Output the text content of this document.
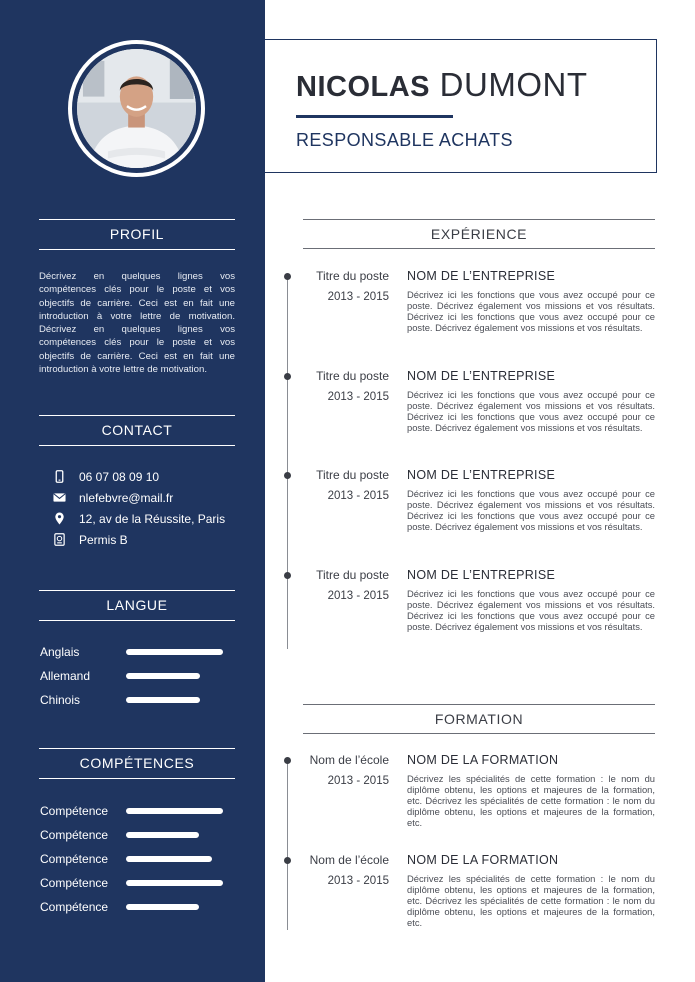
PROFIL

Décrivez en quelques lignes vos compétences clés pour le poste et vos objectifs de carrière. Ceci est en fait une introduction à votre lettre de motivation. Décrivez en quelques lignes vos compétences clés pour le poste et vos objectifs de carrière. Ceci est en fait une introduction à votre lettre de motivation.

CONTACT
06 07 08 09 10
nlefebvre@mail.fr
12, av de la Réussite, Paris
Permis B
LANGUE
Anglais
Allemand
Chinois
COMPÉTENCES
Compétence
Compétence
Compétence
Compétence
Compétence
NICOLAS DUMONT
RESPONSABLE ACHATS
EXPÉRIENCE
Titre du poste
2013 - 2015
NOM DE L’ENTREPRISE
Décrivez ici les fonctions que vous avez occupé pour ce poste. Décrivez également vos missions et vos résultats. Décrivez ici les fonctions que vous avez occupé pour ce poste. Décrivez également vos missions et vos résultats.
Titre du poste
2013 - 2015
NOM DE L’ENTREPRISE
Décrivez ici les fonctions que vous avez occupé pour ce poste. Décrivez également vos missions et vos résultats. Décrivez ici les fonctions que vous avez occupé pour ce poste. Décrivez également vos missions et vos résultats.
Titre du poste
2013 - 2015
NOM DE L’ENTREPRISE
Décrivez ici les fonctions que vous avez occupé pour ce poste. Décrivez également vos missions et vos résultats. Décrivez ici les fonctions que vous avez occupé pour ce poste. Décrivez également vos missions et vos résultats.
Titre du poste
2013 - 2015
NOM DE L’ENTREPRISE
Décrivez ici les fonctions que vous avez occupé pour ce poste. Décrivez également vos missions et vos résultats. Décrivez ici les fonctions que vous avez occupé pour ce poste. Décrivez également vos missions et vos résultats.
FORMATION
Nom de l’école
2013 - 2015
NOM DE LA FORMATION
Décrivez les spécialités de cette formation : le nom du diplôme obtenu, les options et majeures de la formation, etc. Décrivez les spécialités de cette formation : le nom du diplôme obtenu, les options et majeures de la formation, etc.
Nom de l’école
2013 - 2015
NOM DE LA FORMATION
Décrivez les spécialités de cette formation : le nom du diplôme obtenu, les options et majeures de la formation, etc. Décrivez les spécialités de cette formation : le nom du diplôme obtenu, les options et majeures de la formation, etc.
